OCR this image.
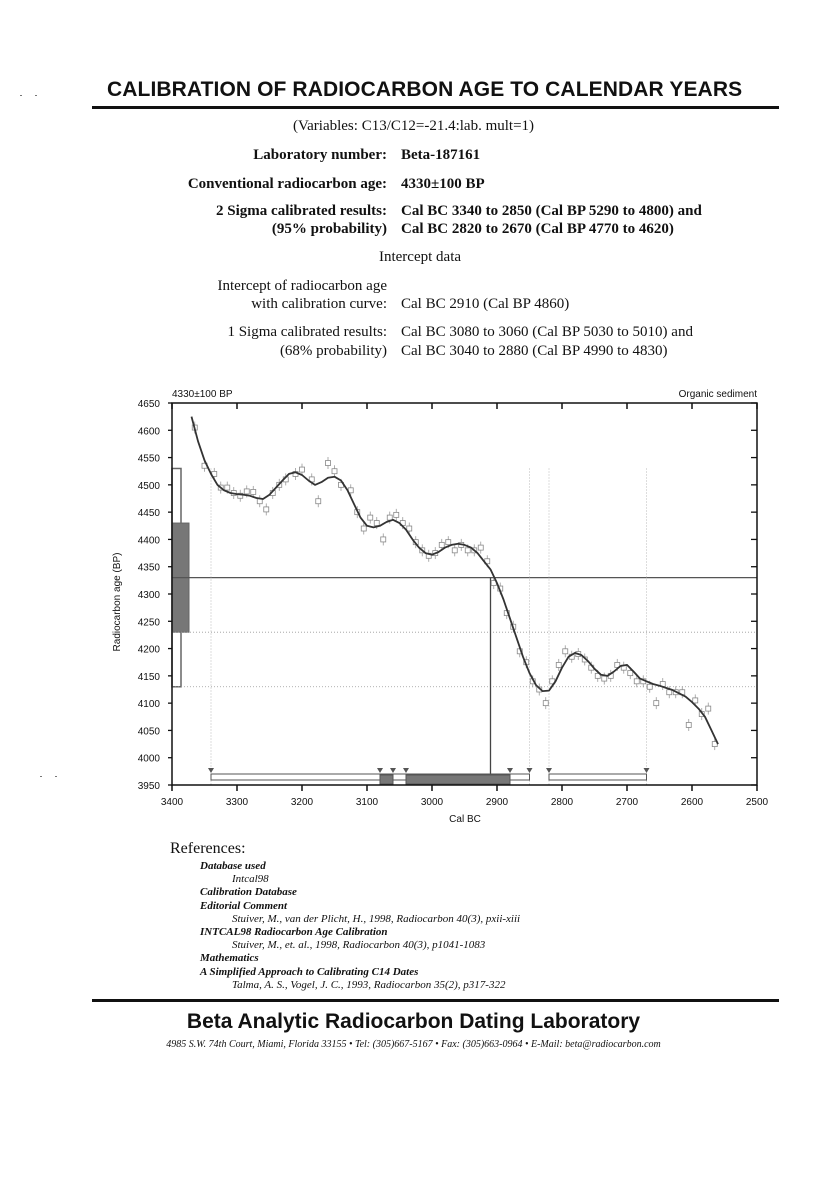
CALIBRATION OF RADIOCARBON AGE TO CALENDAR YEARS
(Variables: C13/C12=-21.4:lab. mult=1)
Laboratory number: Beta-187161
Conventional radiocarbon age: 4330±100 BP
2 Sigma calibrated results:
(95% probability)
Cal BC 3340 to 2850 (Cal BP 5290 to 4800) and
Cal BC 2820 to 2670 (Cal BP 4770 to 4620)
Intercept data
Intercept of radiocarbon age
with calibration curve: Cal BC 2910 (Cal BP 4860)
1 Sigma calibrated results:
(68% probability)
Cal BC 3080 to 3060 (Cal BP 5030 to 5010) and
Cal BC 3040 to 2880 (Cal BP 4990 to 4830)
4330±100 BP	Organic sediment
Cal BC
Radiocarbon age (BP)
3400	3300	3200	3100	3000	2900	2800	2700	2600	2500
3950
4000
4050
4100
4150
4200
4250
4300
4350
4400
4450
4500
4550
4600
4650
References:
Database used
Intcal98
Calibration Database
Editorial Comment
Stuiver, M., van der Plicht, H., 1998, Radiocarbon 40(3), pxii-xiii
INTCAL98 Radiocarbon Age Calibration
Stuiver, M., et. al., 1998, Radiocarbon 40(3), p1041-1083
Mathematics
A Simplified Approach to Calibrating C14 Dates
Talma, A. S., Vogel, J. C., 1993, Radiocarbon 35(2), p317-322
Beta Analytic Radiocarbon Dating Laboratory
4985 S.W. 74th Court, Miami, Florida 33155 • Tel: (305)667-5167 • Fax: (305)663-0964 • E-Mail: beta@radiocarbon.com
